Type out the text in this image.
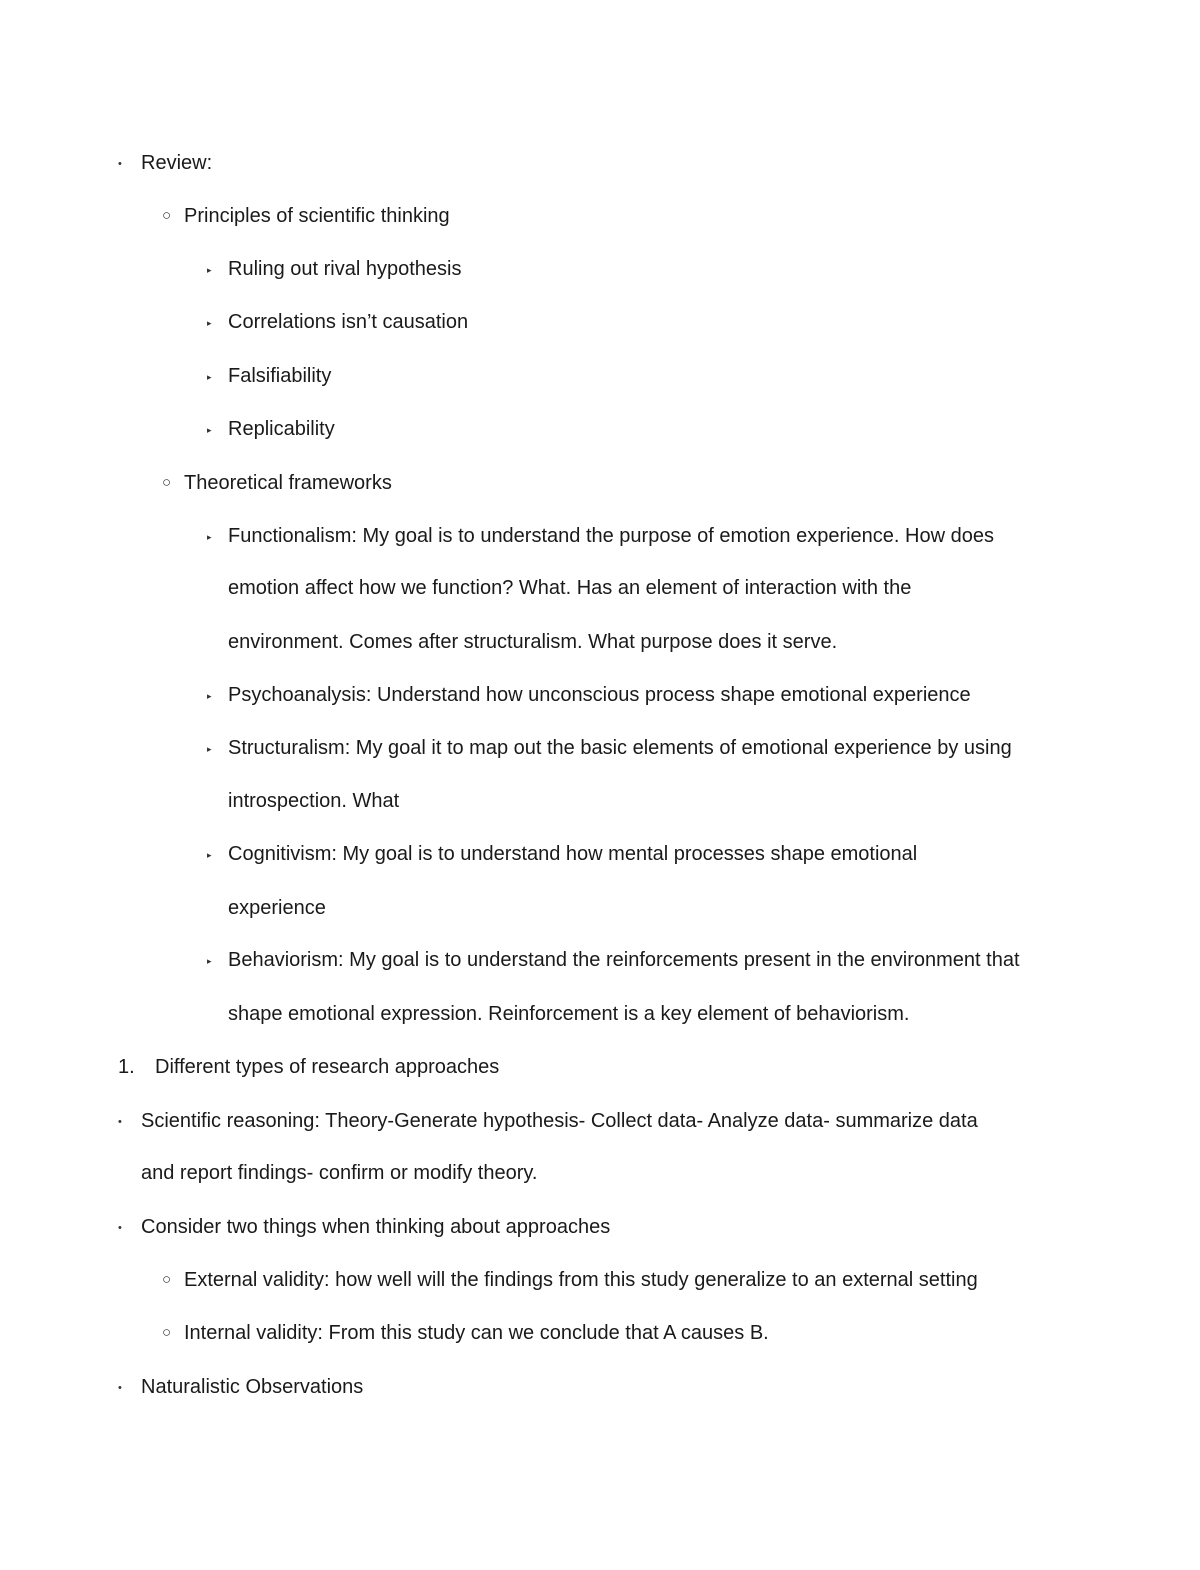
• Review:
○ Principles of scientific thinking
▸ Ruling out rival hypothesis
▸ Correlations isn’t causation
▸ Falsifiability
▸ Replicability
○ Theoretical frameworks
▸ Functionalism: My goal is to understand the purpose of emotion experience. How does
emotion affect how we function? What. Has an element of interaction with the
environment. Comes after structuralism. What purpose does it serve.
▸ Psychoanalysis: Understand how unconscious process shape emotional experience
▸ Structuralism: My goal it to map out the basic elements of emotional experience by using
introspection. What
▸ Cognitivism: My goal is to understand how mental processes shape emotional
experience
▸ Behaviorism: My goal is to understand the reinforcements present in the environment that
shape emotional expression. Reinforcement is a key element of behaviorism.
1. Different types of research approaches
• Scientific reasoning: Theory-Generate hypothesis- Collect data- Analyze data- summarize data
and report findings- confirm or modify theory.
• Consider two things when thinking about approaches
○ External validity: how well will the findings from this study generalize to an external setting
○ Internal validity: From this study can we conclude that A causes B.
• Naturalistic Observations
